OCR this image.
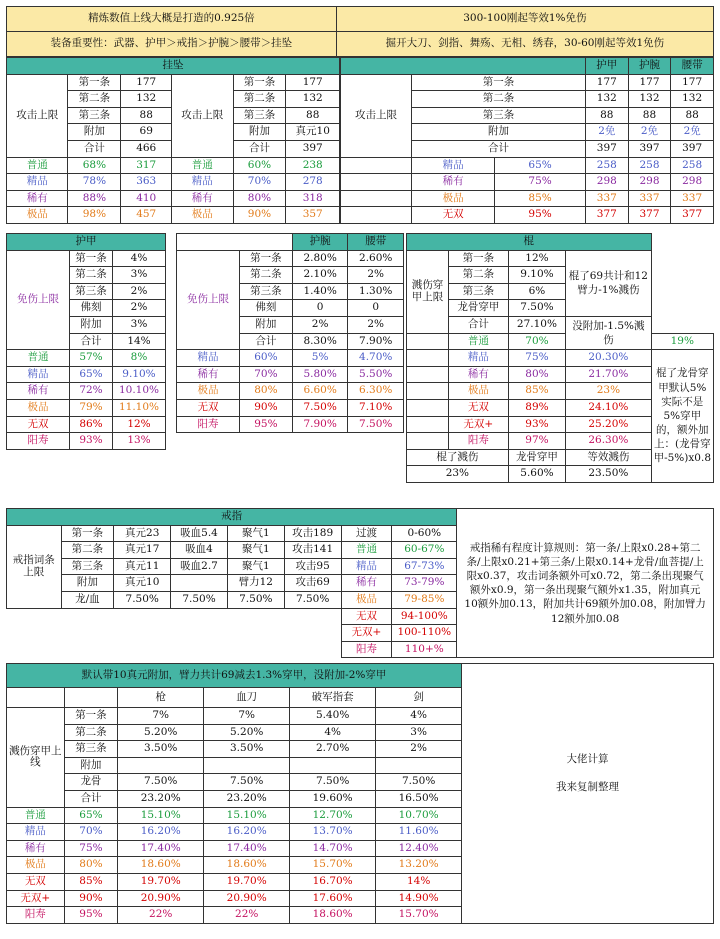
精炼数值上线大概是打造的0.925倍	300-100刚起等效1%免伤
装备重要性：武器、护甲＞戒指＞护腕＞腰带＞挂坠	掘开大刀、剑指、舞殇、无相、绣春，30-60刚起等效1免伤
挂坠					
攻击上限	第一条	177	攻击上限	第一条	177
	第二条	132		第二条	132
	第三条	88		第三条	88
	附加	69		附加	真元10
	合计	466		合计	397
普通	68%	317	普通	60%	238
精品	78%	363	精品	70%	278
稀有	88%	410	稀有	80%	318
极品	98%	457	极品	90%	357
			护甲	护腕	腰带
攻击上限	第一条		177	177	177
	第二条		132	132	132
	第三条		88	88	88
	附加		2免	2免	2免
	合计		397	397	397
	精品	65%	258	258	258
	稀有	75%	298	298	298
	极品	85%	337	337	337
	无双	95%	377	377	377
护甲		
免伤上限	第一条	4%
	第二条	3%
	第三条	2%
	佛刻	2%
	附加	3%
	合计	14%
普通	57%	8%
精品	65%	9.10%
稀有	72%	10.10%
极品	79%	11.10%
无双	86%	12%
阳寿	93%	13%
		护腕	腰带
免伤上限	第一条	2.80%	2.60%
	第二条	2.10%	2%
	第三条	1.40%	1.30%
	佛刻	0	0
	附加	2%	2%
	合计	8.30%	7.90%
精品	60%	5%	4.70%
稀有	70%	5.80%	5.50%
极品	80%	6.60%	6.30%
无双	90%	7.50%	7.10%
阳寿	95%	7.90%	7.50%
棍				
溅伤穿甲上限	第一条	12%	棍了69共计和12臂力-1%溅伤	
	第二条	9.10%		
	第三条	6%		
	龙骨穿甲	7.50%		
	合计	27.10%	没附加-1.5%溅伤	
	普通	70%		19%
	精品	75%	20.30%	棍了龙骨穿甲默认5%实际不是5%穿甲的，额外加上：(龙骨穿甲-5%)x0.8
	稀有	80%	21.70%	
	极品	85%	23%	
	无双	89%	24.10%	
	无双+	93%	25.20%	
	阳寿	97%	26.30%	
棍了溅伤		龙骨穿甲	等效溅伤	
23%		5.60%	23.50%	
戒指								戒指稀有程度计算规则：第一条/上限x0.28+第二条/上限x0.21+第三条/上限x0.14+龙骨/血菩提/上限x0.37，攻击词条额外可x0.72，第二条出现聚气额外x0.9，第一条出现聚气额外x1.35，附加真元10额外加0.13，附加共计69额外加0.08，附加臂力12额外加0.08
戒指词条上限	第一条	真元23	吸血5.4	聚气1	攻击189	过渡	0-60%	
	第二条	真元17	吸血4	聚气1	攻击141	普通	60-67%	
	第三条	真元11	吸血2.7	聚气1	攻击95	精品	67-73%	
	附加	真元10		臂力12	攻击69	稀有	73-79%	
	龙/血	7.50%	7.50%	7.50%	7.50%	极品	79-85%	
						无双	94-100%	
						无双+	100-110%	
						阳寿	110+%	
默认带10真元附加，臂力共计69减去1.3%穿甲，没附加-2%穿甲						大佬计算
我来复制整理

		枪	血刀	破军指套	剑	
溅伤穿甲上线	第一条	7%	7%	5.40%	4%	
	第二条	5.20%	5.20%	4%	3%	
	第三条	3.50%	3.50%	2.70%	2%	
	附加					
	龙骨	7.50%	7.50%	7.50%	7.50%	
	合计	23.20%	23.20%	19.60%	16.50%	
普通	65%	15.10%	15.10%	12.70%	10.70%	
精品	70%	16.20%	16.20%	13.70%	11.60%	
稀有	75%	17.40%	17.40%	14.70%	12.40%	
极品	80%	18.60%	18.60%	15.70%	13.20%	
无双	85%	19.70%	19.70%	16.70%	14%	
无双+	90%	20.90%	20.90%	17.60%	14.90%	
阳寿	95%	22%	22%	18.60%	15.70%	
